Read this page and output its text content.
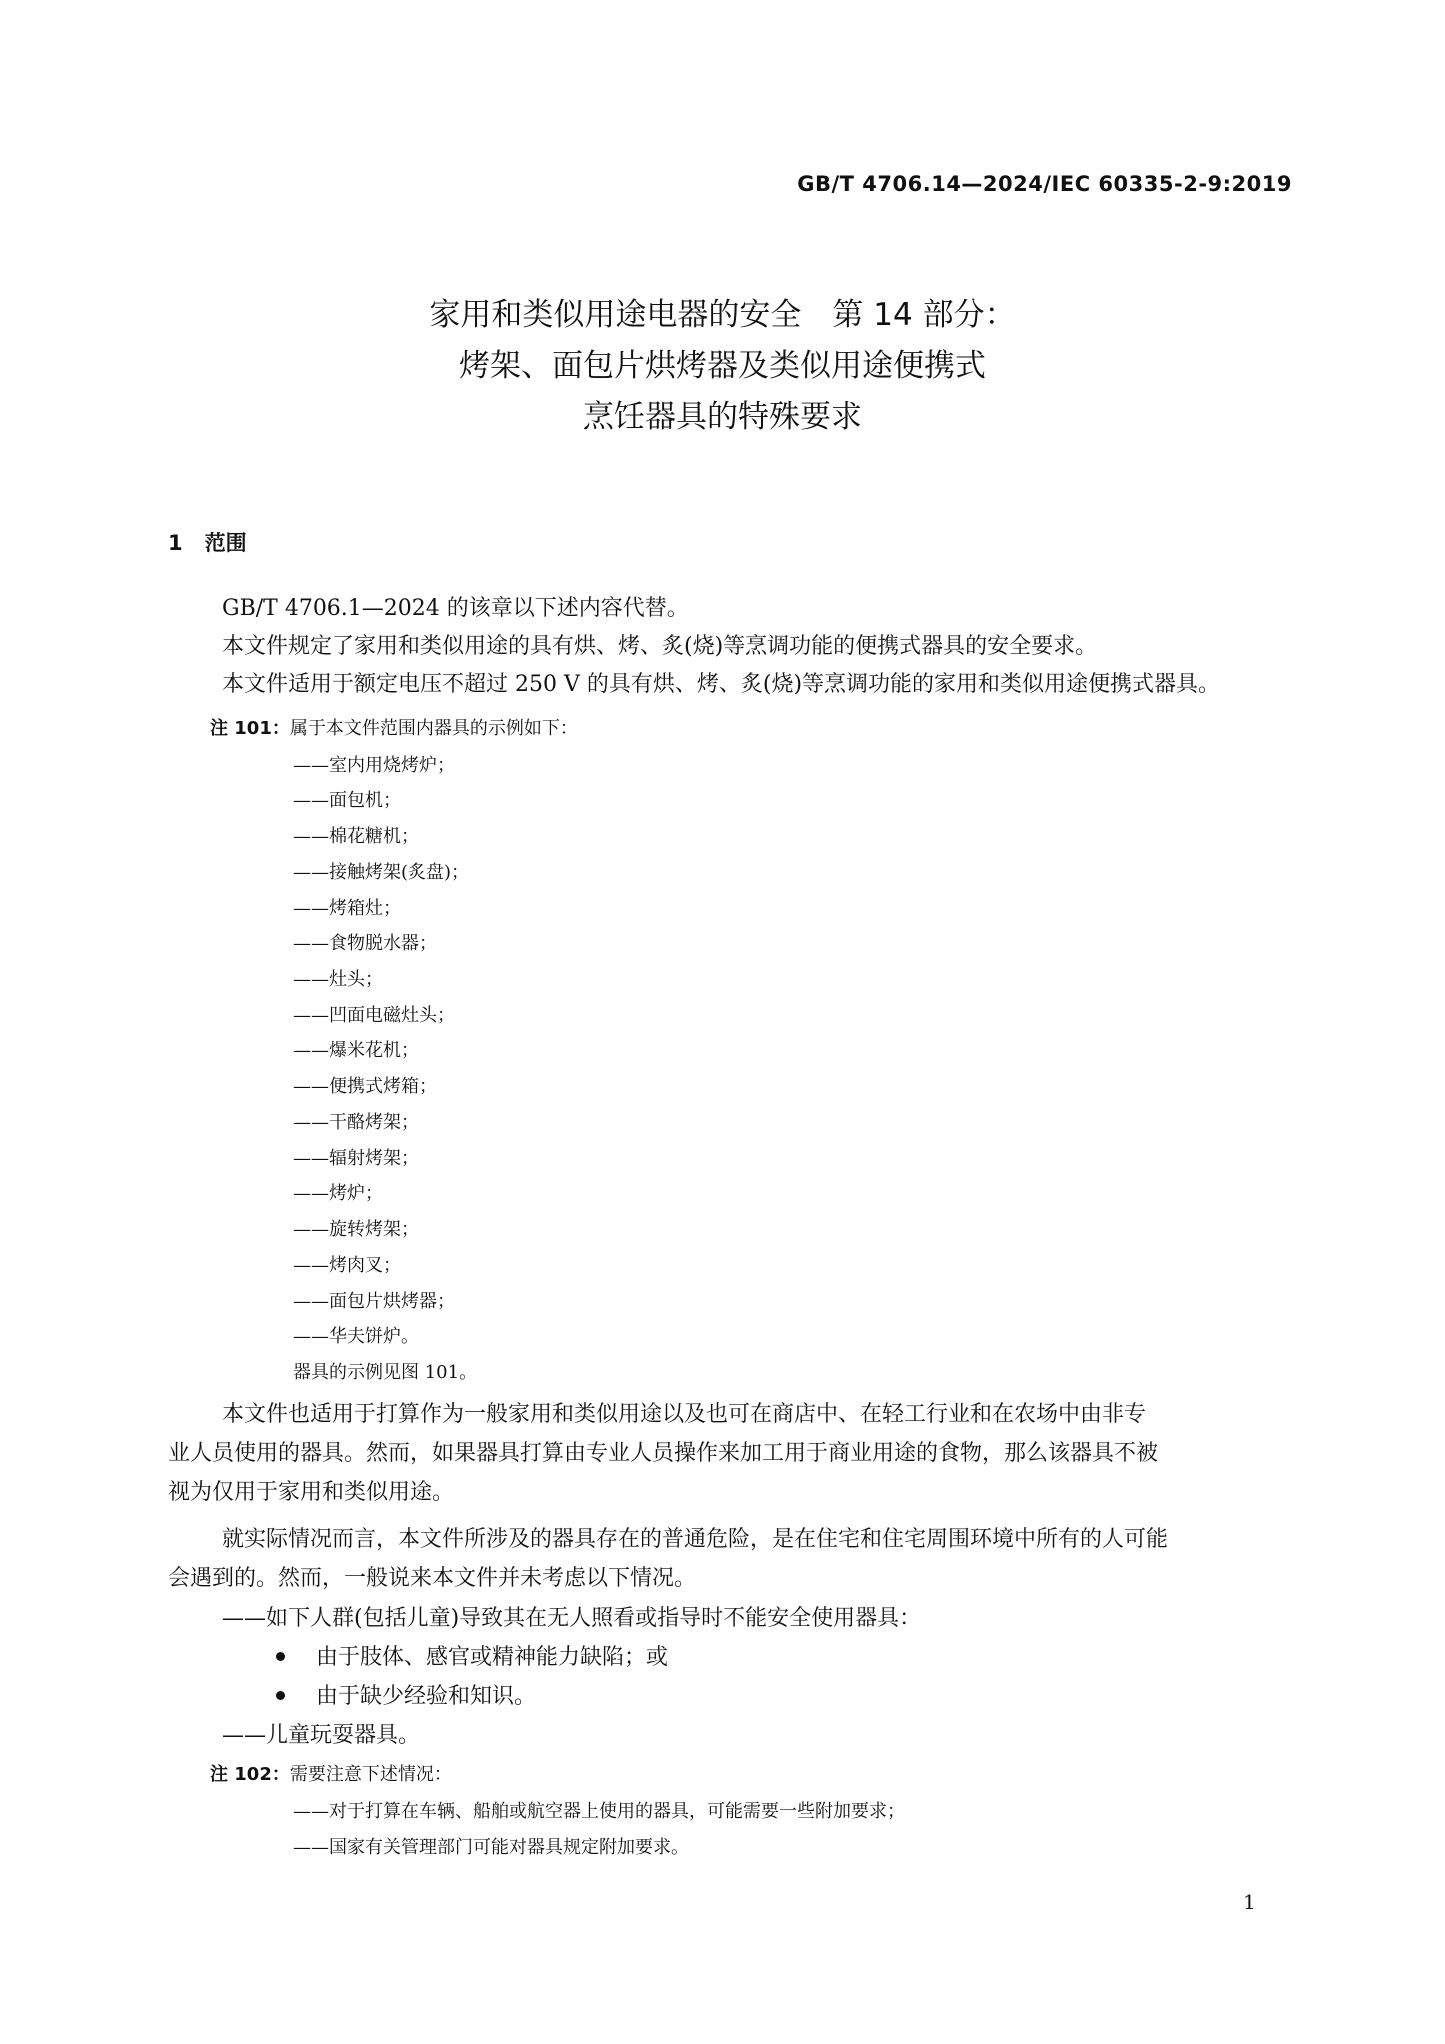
GB/T 4706.14—2024/IEC 60335-2-9:2019
家用和类似用途电器的安全　第 14 部分：
烤架、面包片烘烤器及类似用途便携式
烹饪器具的特殊要求
1 范围
GB/T 4706.1—2024 的该章以下述内容代替。
本文件规定了家用和类似用途的具有烘、烤、炙(烧)等烹调功能的便携式器具的安全要求。
本文件适用于额定电压不超过 250 V 的具有烘、烤、炙(烧)等烹调功能的家用和类似用途便携式器具。
注 101：属于本文件范围内器具的示例如下：
——室内用烧烤炉；
——面包机；
——棉花糖机；
——接触烤架(炙盘)；
——烤箱灶；
——食物脱水器；
——灶头；
——凹面电磁灶头；
——爆米花机；
——便携式烤箱；
——干酪烤架；
——辐射烤架；
——烤炉；
——旋转烤架；
——烤肉叉；
——面包片烘烤器；
——华夫饼炉。
器具的示例见图 101。
本文件也适用于打算作为一般家用和类似用途以及也可在商店中、在轻工行业和在农场中由非专
业人员使用的器具。然而，如果器具打算由专业人员操作来加工用于商业用途的食物，那么该器具不被
视为仅用于家用和类似用途。
就实际情况而言，本文件所涉及的器具存在的普通危险，是在住宅和住宅周围环境中所有的人可能
会遇到的。然而，一般说来本文件并未考虑以下情况。
——如下人群(包括儿童)导致其在无人照看或指导时不能安全使用器具：
由于肢体、感官或精神能力缺陷；或
由于缺少经验和知识。
——儿童玩耍器具。
注 102：需要注意下述情况：
——对于打算在车辆、船舶或航空器上使用的器具，可能需要一些附加要求；
——国家有关管理部门可能对器具规定附加要求。
1
